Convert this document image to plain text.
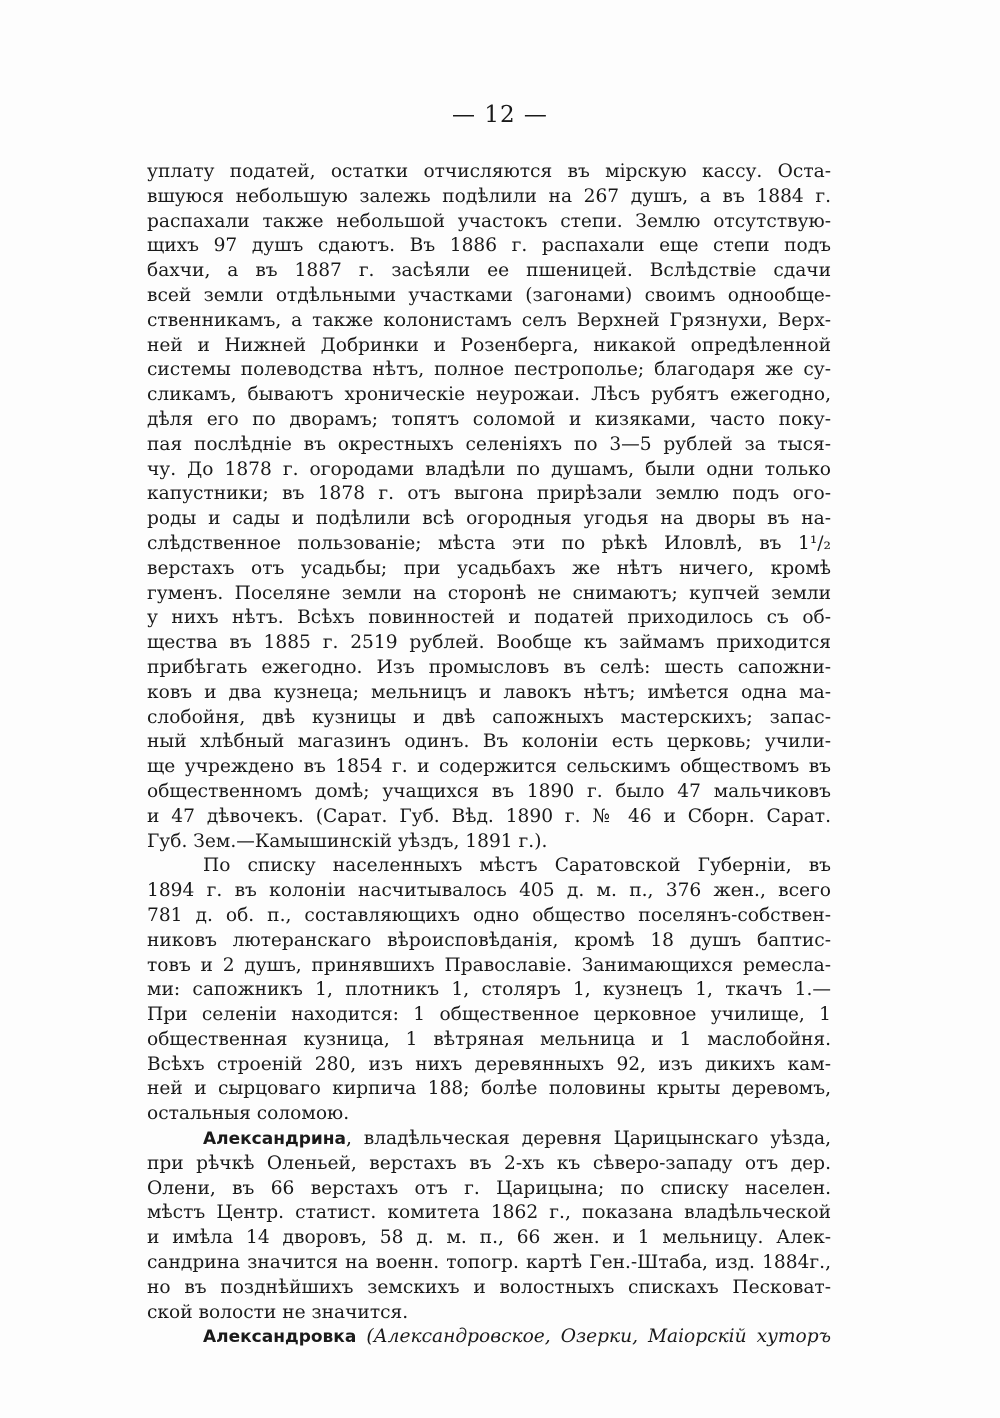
— 12 —
уплату податей, остатки отчисляются въ мірскую кассу. Оста-
вшуюся небольшую залежь подѣлили на 267 душъ, а въ 1884 г.
распахали также небольшой участокъ степи. Землю отсутствую-
щихъ 97 душъ сдаютъ. Въ 1886 г. распахали еще степи подъ
бахчи, а въ 1887 г. засѣяли ее пшеницей. Вслѣдствіе сдачи
всей земли отдѣльными участками (загонами) своимъ однообще-
ственникамъ, а также колонистамъ селъ Верхней Грязнухи, Верх-
ней и Нижней Добринки и Розенберга, никакой опредѣленной
системы полеводства нѣтъ, полное пестрополье; благодаря же су-
сликамъ, бываютъ хроническіе неурожаи. Лѣсъ рубятъ ежегодно,
дѣля его по дворамъ; топятъ соломой и кизяками, часто поку-
пая послѣдніе въ окрестныхъ селеніяхъ по 3—5 рублей за тыся-
чу. До 1878 г. огородами владѣли по душамъ, были одни только
капустники; въ 1878 г. отъ выгона прирѣзали землю подъ ого-
роды и сады и подѣлили всѣ огородныя угодья на дворы въ на-
слѣдственное пользованіе; мѣста эти по рѣкѣ Иловлѣ, въ 1¹/₂
верстахъ отъ усадьбы; при усадьбахъ же нѣтъ ничего, кромѣ
гуменъ. Поселяне земли на сторонѣ не снимаютъ; купчей земли
у нихъ нѣтъ. Всѣхъ повинностей и податей приходилось съ об-
щества въ 1885 г. 2519 рублей. Вообще къ займамъ приходится
прибѣгать ежегодно. Изъ промысловъ въ селѣ: шесть сапожни-
ковъ и два кузнеца; мельницъ и лавокъ нѣтъ; имѣется одна ма-
слобойня, двѣ кузницы и двѣ сапожныхъ мастерскихъ; запас-
ный хлѣбный магазинъ одинъ. Въ колоніи есть церковь; учили-
ще учреждено въ 1854 г. и содержится сельскимъ обществомъ въ
общественномъ домѣ; учащихся въ 1890 г. было 47 мальчиковъ
и 47 дѣвочекъ. (Сарат. Губ. Вѣд. 1890 г. № 46 и Сборн. Сарат.
Губ. Зем.—Камышинскій уѣздъ, 1891 г.).
По списку населенныхъ мѣстъ Саратовской Губерніи, въ
1894 г. въ колоніи насчитывалось 405 д. м. п., 376 жен., всего
781 д. об. п., составляющихъ одно общество поселянъ-собствен-
никовъ лютеранскаго вѣроисповѣданія, кромѣ 18 душъ баптис-
товъ и 2 душъ, принявшихъ Православіе. Занимающихся ремесла-
ми: сапожникъ 1, плотникъ 1, столяръ 1, кузнецъ 1, ткачъ 1.—
При селеніи находится: 1 общественное церковное училище, 1
общественная кузница, 1 вѣтряная мельница и 1 маслобойня.
Всѣхъ строеній 280, изъ нихъ деревянныхъ 92, изъ дикихъ кам-
ней и сырцоваго кирпича 188; болѣе половины крыты деревомъ,
остальныя соломою.
Александрина, владѣльческая деревня Царицынскаго уѣзда,
при рѣчкѣ Оленьей, верстахъ въ 2-хъ къ сѣверо-западу отъ дер.
Олени, въ 66 верстахъ отъ г. Царицына; по списку населен.
мѣстъ Центр. статист. комитета 1862 г., показана владѣльческой
и имѣла 14 дворовъ, 58 д. м. п., 66 жен. и 1 мельницу. Алек-
сандрина значится на военн. топогр. картѣ Ген.-Штаба, изд. 1884г.,
но въ позднѣйшихъ земскихъ и волостныхъ спискахъ Песковат-
ской волости не значится.
Александровка (Александровское, Озерки, Маіорскій хуторъ
